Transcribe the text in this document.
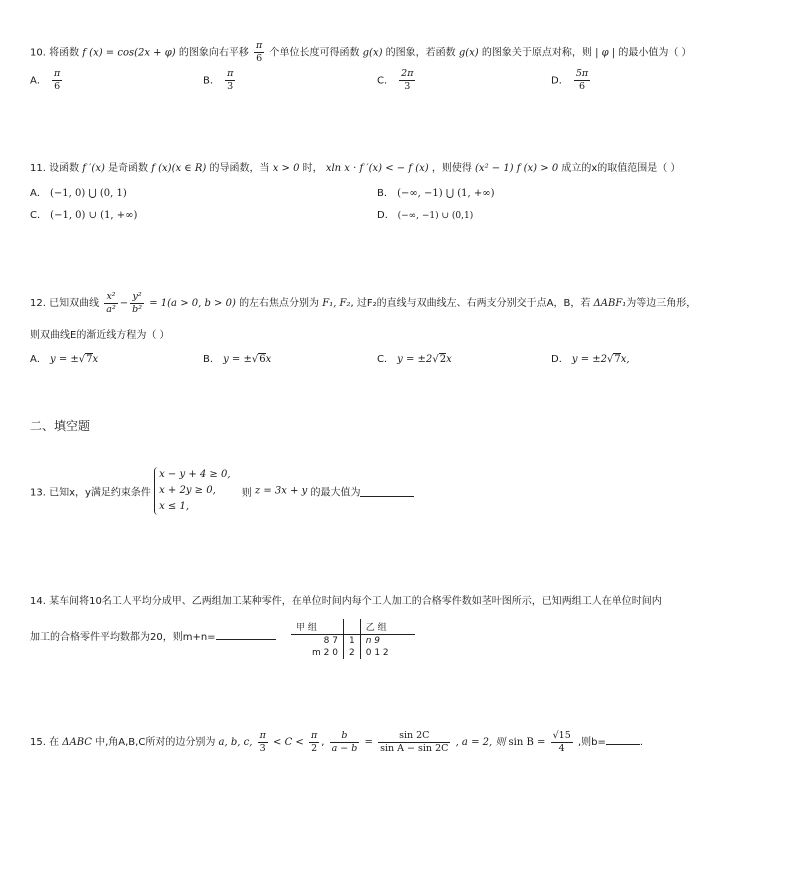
10. 将函数 f (x) = cos(2x + φ) 的图象向右平移 $\frac{\pi}{6}$ 个单位长度可得函数 g(x) 的图象，若函数 g(x) 的图象关于原点对称，则 | φ | 的最小值为（ ）
A． $\frac{\pi}{6}$	B． $\frac{\pi}{3}$	C． $\frac{2\pi}{3}$	D． $\frac{5\pi}{6}$
11. 设函数 f ′(x) 是奇函数 f (x)(x ∈ R) 的导函数，当 x > 0 时， xln x · f ′(x) < − f (x) ，则使得 (x² − 1) f (x) > 0 成立的x的取值范围是（ ）
A． (−1, 0) ⋃ (0, 1)	B． (−∞, −1) ⋃ (1, +∞)
C． (−1, 0) ∪ (1, +∞)	D． (−∞, −1) ∪ (0,1)
12. 已知双曲线 $\frac{\text{x²}}{\text{a²}} - \frac{\text{y²}}{\text{b²}} = 1(a > 0$, b > 0) 的左右焦点分别为 F₁, F₂, 过F₂的直线与双曲线左、右两支分别交于点A，B，若 ΔABF₁为等边三角形，
则双曲线E的渐近线方程为（ ）
A． y = ±√7x	B． y = ±√6x	C． y = ±2√2x	D． y = ±2√7x,
二、填空题
13. 已知x，y满足约束条件
x − y + 4 ≥ 0,
x + 2y ≥ 0,
x ≤ 1,
则 z = 3x + y 的最大值为
14. 某车间将10名工人平均分成甲、乙两组加工某种零件，在单位时间内每个工人加工的合格零件数如茎叶图所示，已知两组工人在单位时间内
加工的合格零件平均数都为20，则m+n=
甲 组		乙 组
8 7	1	n 9
m 2 0	2	0 1 2
15. 在 ΔABC 中,角A,B,C所对的边分别为 a, b, c, $\frac{\pi}{3} < C < \frac{\pi}{2}$ , $\frac{b}{a - b} = \frac{\sin 2C}{\text{sin A − sin 2C}}$ , a = 2, 则 $\sin B = \frac{√15}{4}$ ,则b=	.
